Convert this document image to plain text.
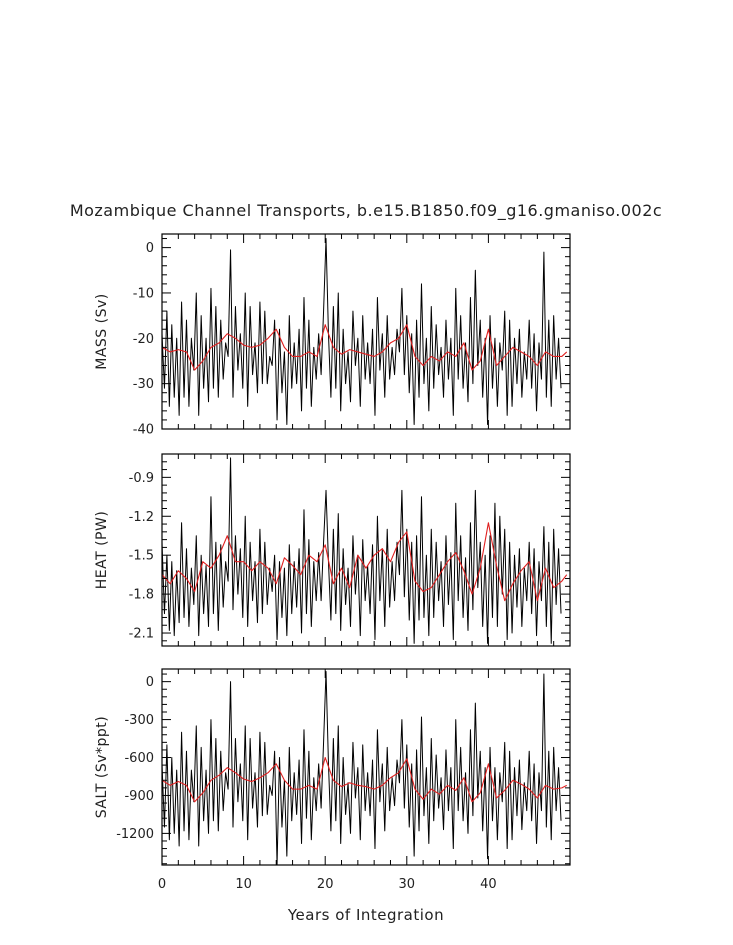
Mozambique Channel Transports, b.e15.B1850.f09_g16.gmaniso.002c
0
-10
-20
-30
-40
MASS (Sv)
-0.9
-1.2
-1.5
-1.8
-2.1
HEAT (PW)
0
-300
-600
-900
-1200
0	10	20	30	40
SALT (Sv*ppt)
Years of Integration
